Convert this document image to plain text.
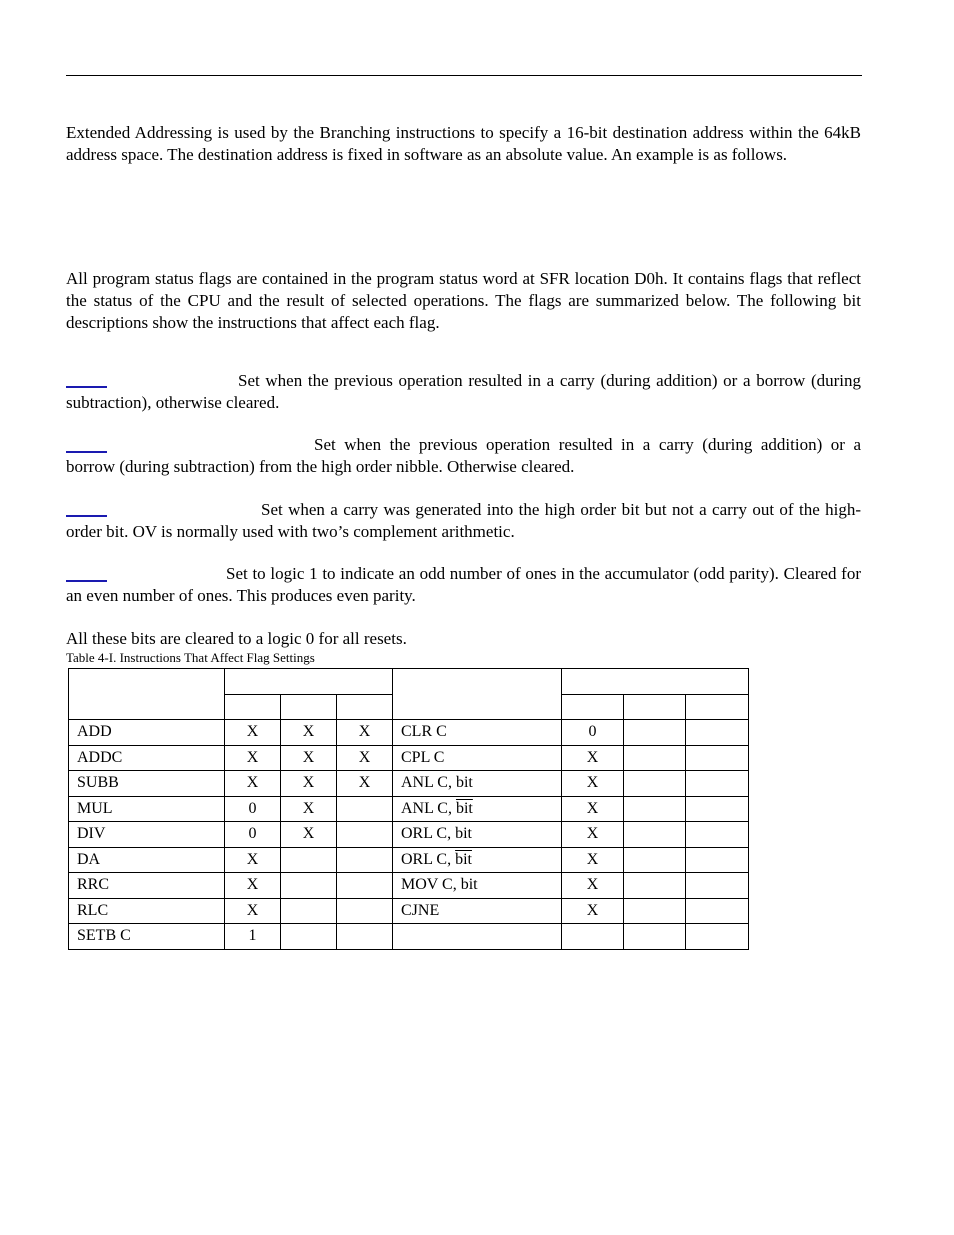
Extended Addressing is used by the Branching instructions to specify a 16-bit destination address within the 64kB address space. The destination address is fixed in software as an absolute value. An example is as follows.

All program status flags are contained in the program status word at SFR location D0h. It contains flags that reflect the status of the CPU and the result of selected operations. The flags are summarized below. The following bit descriptions show the instructions that affect each flag.

Set when the previous operation resulted in a carry (during addition) or a borrow (during subtraction), otherwise cleared.

Set when the previous operation resulted in a carry (during addition) or a borrow (during subtraction) from the high order nibble. Otherwise cleared.

Set when a carry was generated into the high order bit but not a carry out of the high-order bit. OV is normally used with two’s complement arithmetic.

Set to logic 1 to indicate an odd number of ones in the accumulator (odd parity). Cleared for an even number of ones. This produces even parity.

All these bits are cleared to a logic 0 for all resets.

Table 4-I. Instructions That Affect Flag Settings

ADD	X	X	X	CLR C	0		
ADDC	X	X	X	CPL C	X		
SUBB	X	X	X	ANL C, bit	X		
MUL	0	X		ANL C, $\overline{bit}$	X		
DIV	0	X		ORL C, bit	X		
DA	X			ORL C, $\overline{bit}$	X		
RRC	X			MOV C, bit	X		
RLC	X			CJNE	X		
SETB C	1						
